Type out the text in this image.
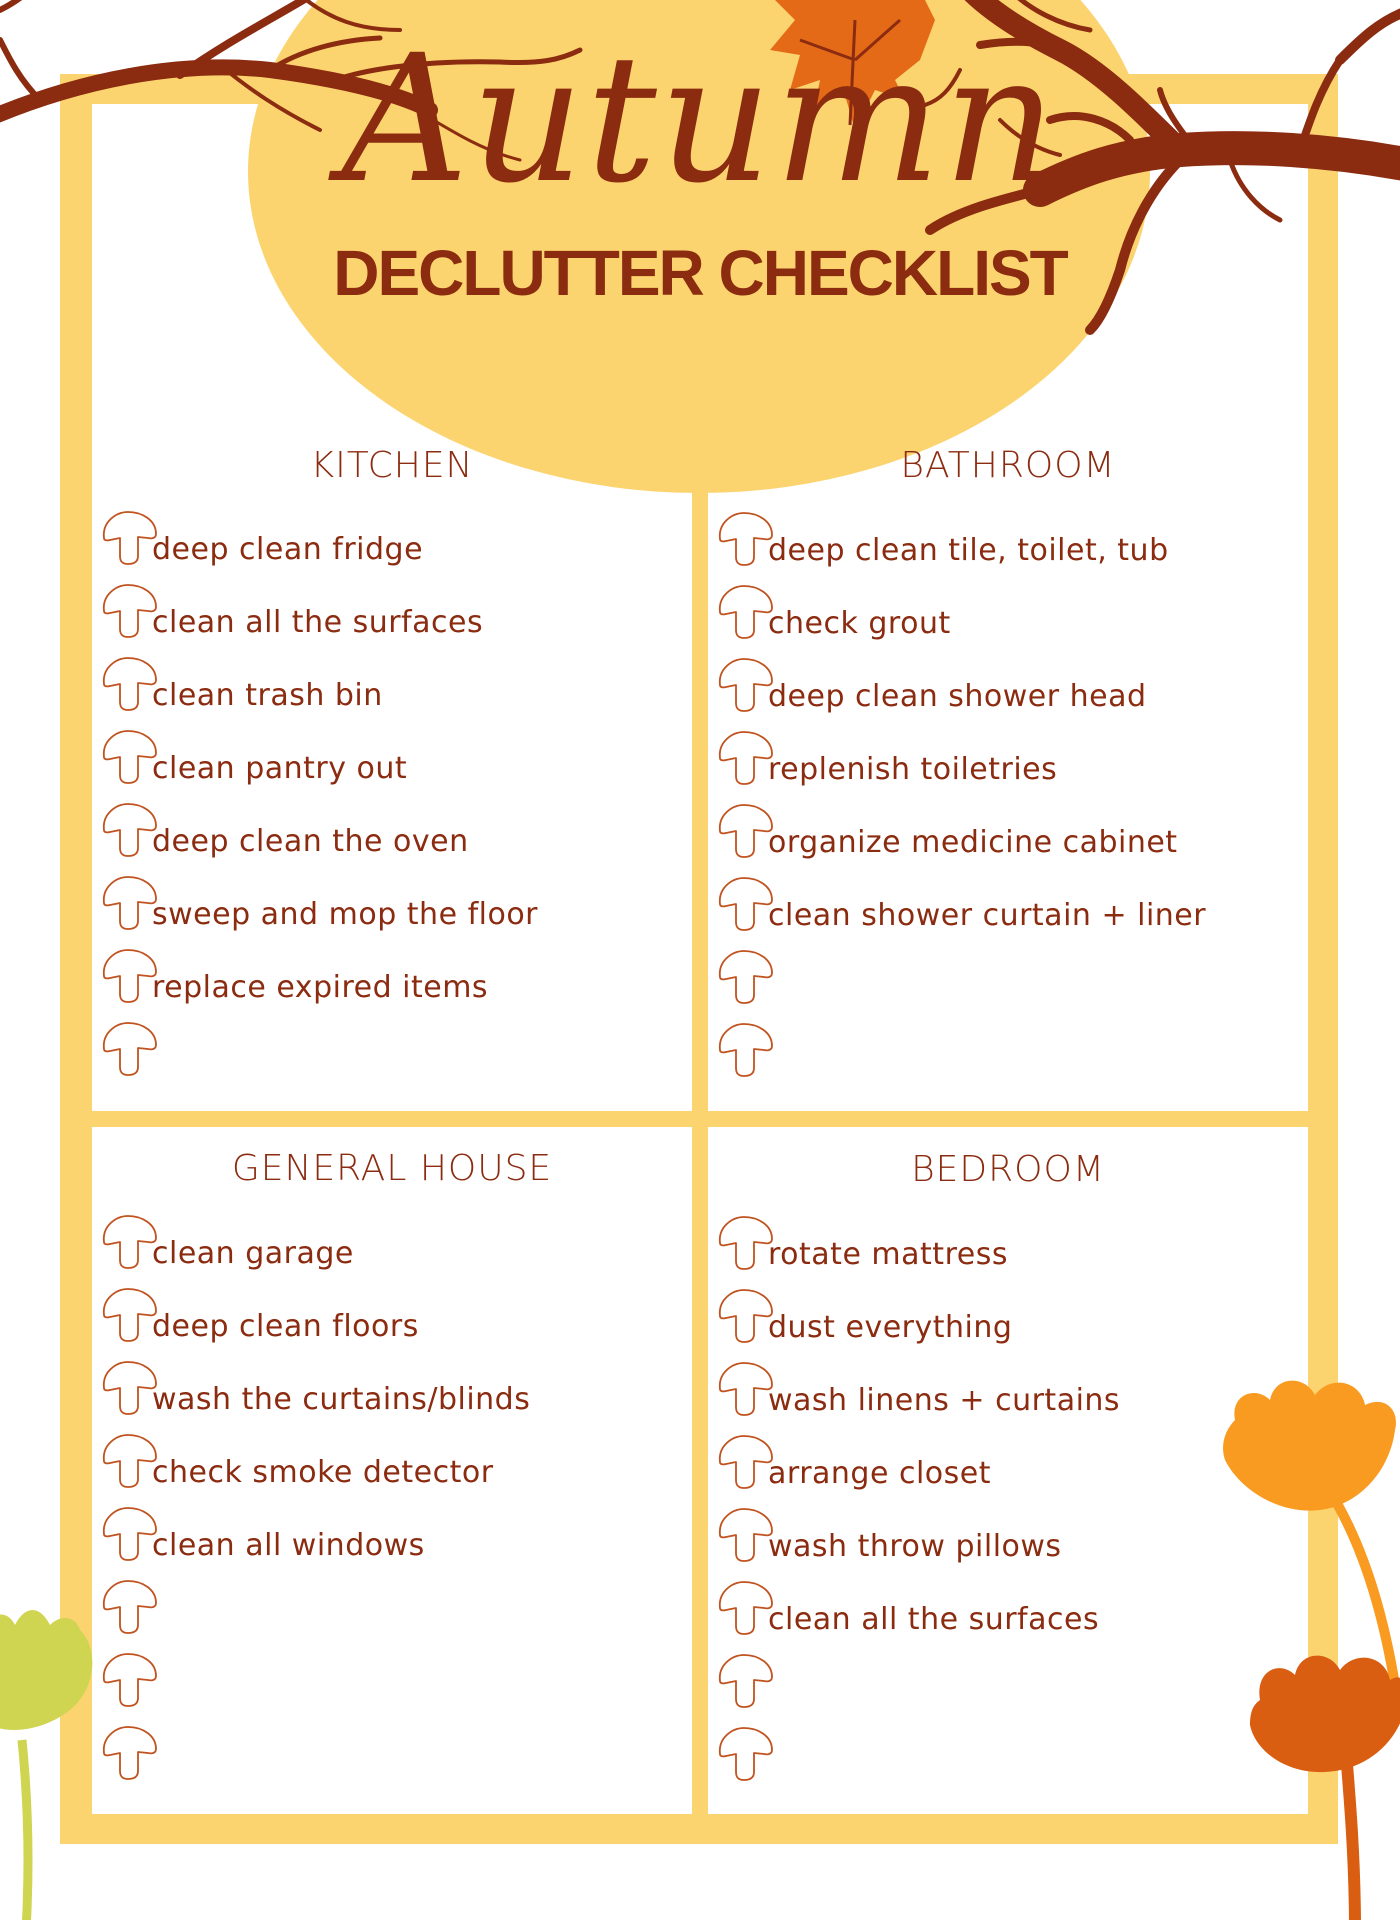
Autumn
DECLUTTER CHECKLIST
KITCHEN
deep clean fridge
clean all the surfaces
clean trash bin
clean pantry out
deep clean the oven
sweep and mop the floor
replace expired items
BATHROOM
deep clean tile, toilet, tub
check grout
deep clean shower head
replenish toiletries
organize medicine cabinet
clean shower curtain + liner
GENERAL HOUSE
clean garage
deep clean floors
wash the curtains/blinds
check smoke detector
clean all windows
BEDROOM
rotate mattress
dust everything
wash linens + curtains
arrange closet
wash throw pillows
clean all the surfaces
